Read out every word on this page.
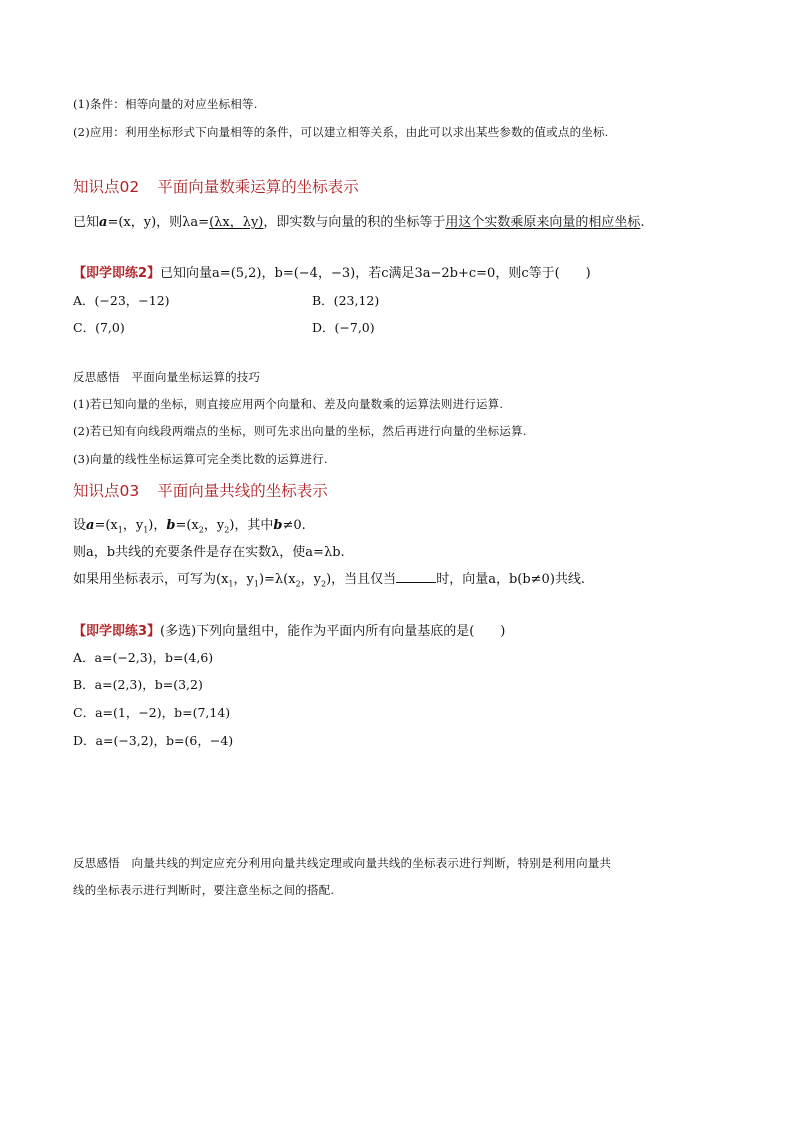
(1)条件：相等向量的对应坐标相等.
(2)应用：利用坐标形式下向量相等的条件，可以建立相等关系，由此可以求出某些参数的值或点的坐标.
知识点02 平面向量数乘运算的坐标表示
已知a=(x，y)，则λa=(λx，λy)，即实数与向量的积的坐标等于用这个实数乘原来向量的相应坐标.
【即学即练2】已知向量a=(5,2)，b=(−4，−3)，若c满足3a−2b+c=0，则c等于(　　)
A．(−23，−12)	B．(23,12)
C．(7,0)	D．(−7,0)
反思感悟　平面向量坐标运算的技巧
(1)若已知向量的坐标，则直接应用两个向量和、差及向量数乘的运算法则进行运算.
(2)若已知有向线段两端点的坐标，则可先求出向量的坐标，然后再进行向量的坐标运算.
(3)向量的线性坐标运算可完全类比数的运算进行.
知识点03 平面向量共线的坐标表示
设$a=(x_1$，$y_1$)，$b=(x_2$，$y_2$)，其中b≠0.
则a，b共线的充要条件是存在实数λ，使a=λb.
如果用坐标表示，可写为($x_1$，$y_1)=\lambda(x_2$，$y_2$)，当且仅当	时，向量a，b(b≠0)共线.
【即学即练3】(多选)下列向量组中，能作为平面内所有向量基底的是(　　)
A．a=(−2,3)，b=(4,6)
B．a=(2,3)，b=(3,2)
C．a=(1，−2)，b=(7,14)
D．a=(−3,2)，b=(6，−4)
反思感悟　向量共线的判定应充分利用向量共线定理或向量共线的坐标表示进行判断，特别是利用向量共
线的坐标表示进行判断时，要注意坐标之间的搭配.
